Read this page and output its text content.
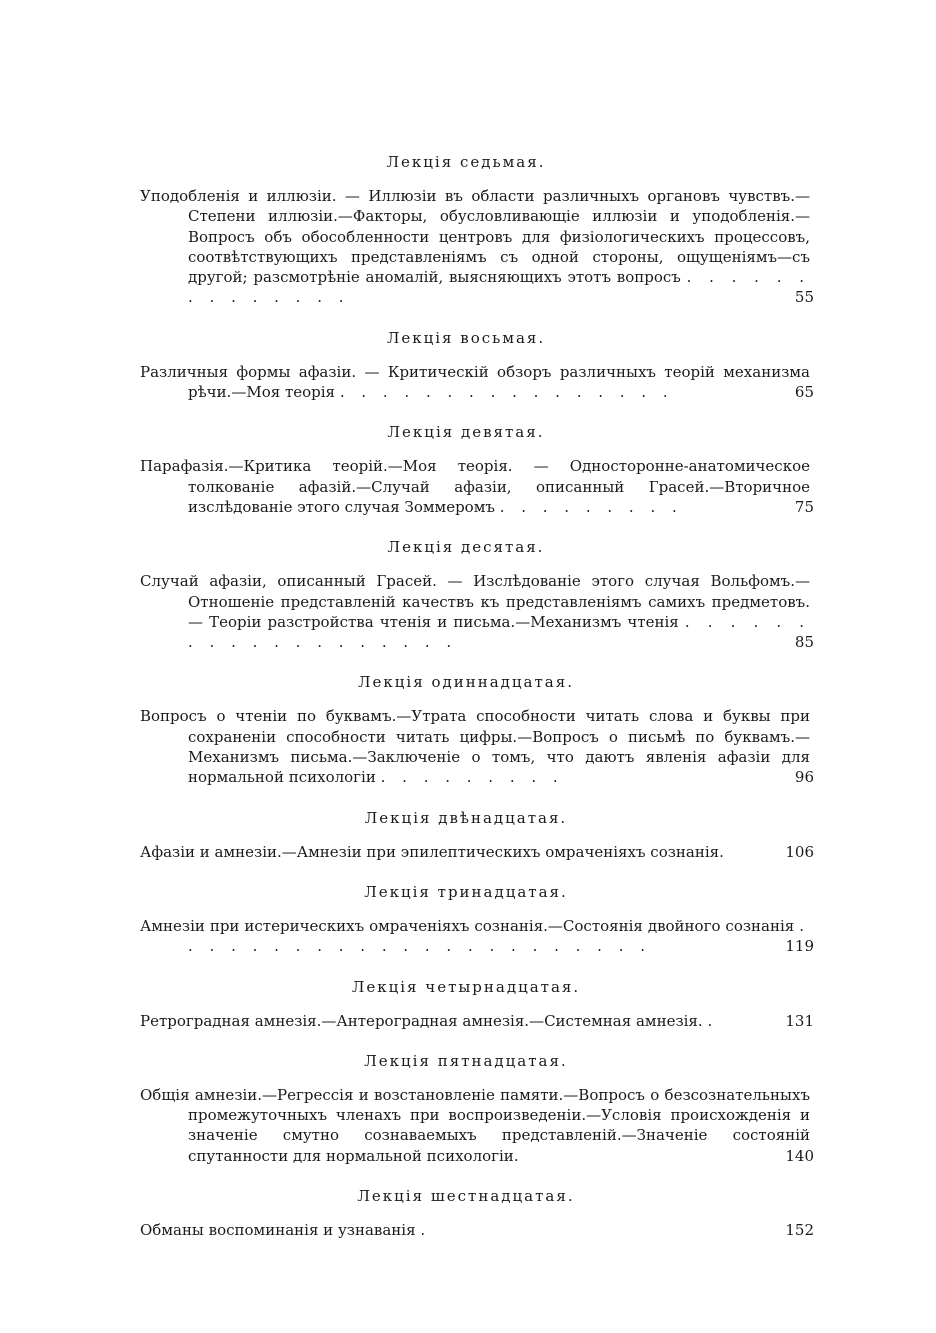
Лекція седьмая.
Уподобленія и иллюзіи. — Иллюзіи въ области различныхъ органовъ чувствъ.—Степени иллюзіи.—Факторы, обусловливающіе иллюзіи и уподобленія.—Вопросъ объ обособленности центровъ для физіологическихъ процессовъ, соотвѣтствующихъ представленіямъ съ одной стороны, ощущеніямъ—съ другой; разсмотрѣніе аномалій, выясняющихъ этотъ вопросъ . . . . . . . . . . . . . .	55
Лекція восьмая.
Различныя формы афазіи. — Критическій обзоръ различныхъ теорій механизма рѣчи.—Моя теорія . . . . . . . . . . . . . . . .	65
Лекція девятая.
Парафазія.—Критика теорій.—Моя теорія. — Односторонне-анатомическое толкованіе афазій.—Случай афазіи, описанный Грасей.—Вторичное изслѣдованіе этого случая Зоммеромъ . . . . . . . . .	75
Лекція десятая.
Случай афазіи, описанный Грасей. — Изслѣдованіе этого случая Вольфомъ.—Отношеніе представленій качествъ къ представленіямъ самихъ предметовъ. — Теоріи разстройства чтенія и письма.—Механизмъ чтенія . . . . . . . . . . . . . . . . . . .	85
Лекція одиннадцатая.
Вопросъ о чтеніи по буквамъ.—Утрата способности читать слова и буквы при сохраненіи способности читать цифры.—Вопросъ о письмѣ по буквамъ.—Механизмъ письма.—Заключеніе о томъ, что даютъ явленія афазіи для нормальной психологіи . . . . . . . . .	96
Лекція двѣнадцатая.
Афазіи и амнезіи.—Амнезіи при эпилептическихъ омраченіяхъ сознанія.	106
Лекція тринадцатая.
Амнезіи при истерическихъ омраченіяхъ сознанія.—Состоянія двойного сознанія . . . . . . . . . . . . . . . . . . . . . . .	119
Лекція четырнадцатая.
Ретроградная амнезія.—Антероградная амнезія.—Системная амнезія. .	131
Лекція пятнадцатая.
Общія амнезіи.—Регрессія и возстановленіе памяти.—Вопросъ о безсознательныхъ промежуточныхъ членахъ при воспроизведеніи.—Условія происхожденія и значеніе смутно сознаваемыхъ представленій.—Значеніе состояній спутанности для нормальной психологіи.	140
Лекція шестнадцатая.
Обманы воспоминанія и узнаванія .	152
